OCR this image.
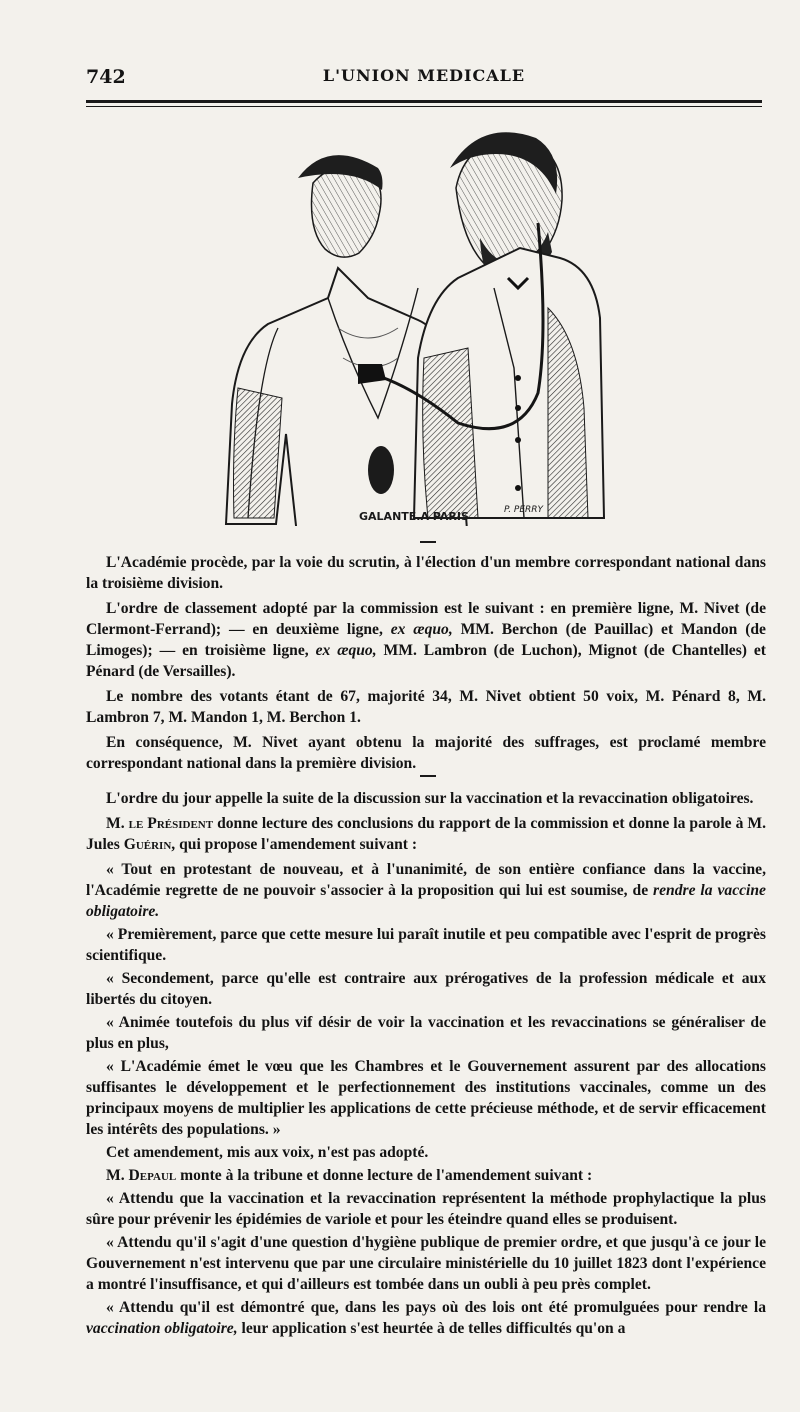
742	L'UNION MEDICALE
GALANTE.A PARIS	P. PERRY

L'Académie procède, par la voie du scrutin, à l'élection d'un membre correspondant national dans la troisième division.

L'ordre de classement adopté par la commission est le suivant : en première ligne, M. Nivet (de Clermont-Ferrand); — en deuxième ligne, ex æquo, MM. Berchon (de Pauillac) et Mandon (de Limoges); — en troisième ligne, ex æquo, MM. Lambron (de Luchon), Mignot (de Chantelles) et Pénard (de Versailles).

Le nombre des votants étant de 67, majorité 34, M. Nivet obtient 50 voix, M. Pénard 8, M. Lambron 7, M. Mandon 1, M. Berchon 1.

En conséquence, M. Nivet ayant obtenu la majorité des suffrages, est proclamé membre correspondant national dans la première division.

L'ordre du jour appelle la suite de la discussion sur la vaccination et la revaccination obligatoires.

M. le Président donne lecture des conclusions du rapport de la commission et donne la parole à M. Jules Guérin, qui propose l'amendement suivant :

« Tout en protestant de nouveau, et à l'unanimité, de son entière confiance dans la vaccine, l'Académie regrette de ne pouvoir s'associer à la proposition qui lui est soumise, de rendre la vaccine obligatoire.

« Premièrement, parce que cette mesure lui paraît inutile et peu compatible avec l'esprit de progrès scientifique.

« Secondement, parce qu'elle est contraire aux prérogatives de la profession médicale et aux libertés du citoyen.

« Animée toutefois du plus vif désir de voir la vaccination et les revaccinations se généraliser de plus en plus,

« L'Académie émet le vœu que les Chambres et le Gouvernement assurent par des allocations suffisantes le développement et le perfectionnement des institutions vaccinales, comme un des principaux moyens de multiplier les applications de cette précieuse méthode, et de servir efficacement les intérêts des populations. »

Cet amendement, mis aux voix, n'est pas adopté.

M. Depaul monte à la tribune et donne lecture de l'amendement suivant :

« Attendu que la vaccination et la revaccination représentent la méthode prophylactique la plus sûre pour prévenir les épidémies de variole et pour les éteindre quand elles se produisent.

« Attendu qu'il s'agit d'une question d'hygiène publique de premier ordre, et que jusqu'à ce jour le Gouvernement n'est intervenu que par une circulaire ministérielle du 10 juillet 1823 dont l'expérience a montré l'insuffisance, et qui d'ailleurs est tombée dans un oubli à peu près complet.

« Attendu qu'il est démontré que, dans les pays où des lois ont été promulguées pour rendre la vaccination obligatoire, leur application s'est heurtée à de telles difficultés qu'on a
